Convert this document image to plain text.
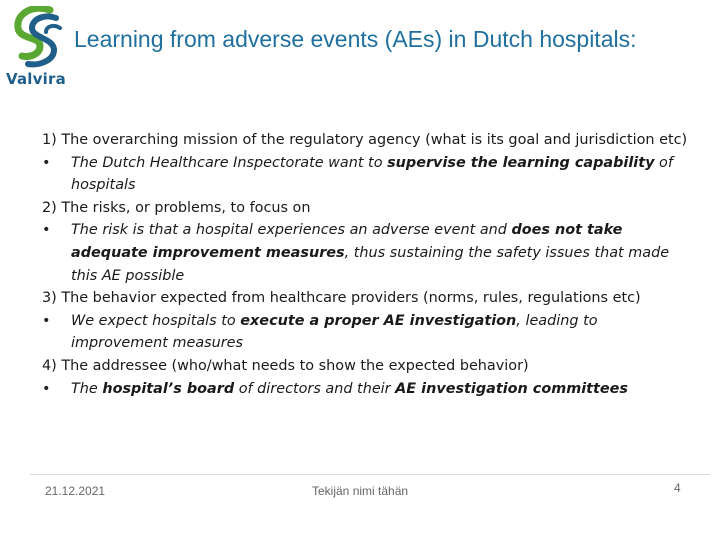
Valvira
Learning from adverse events (AEs) in Dutch hospitals:
1) The overarching mission of the regulatory agency (what is its goal and jurisdiction etc)
• The Dutch Healthcare Inspectorate want to supervise the learning capability of hospitals
2) The risks, or problems, to focus on
• The risk is that a hospital experiences an adverse event and does not take adequate improvement measures, thus sustaining the safety issues that made this AE possible
3) The behavior expected from healthcare providers (norms, rules, regulations etc)
• We expect hospitals to execute a proper AE investigation, leading to improvement measures
4) The addressee (who/what needs to show the expected behavior)
• The hospital’s board of directors and their AE investigation committees
21.12.2021	Tekijän nimi tähän	4
